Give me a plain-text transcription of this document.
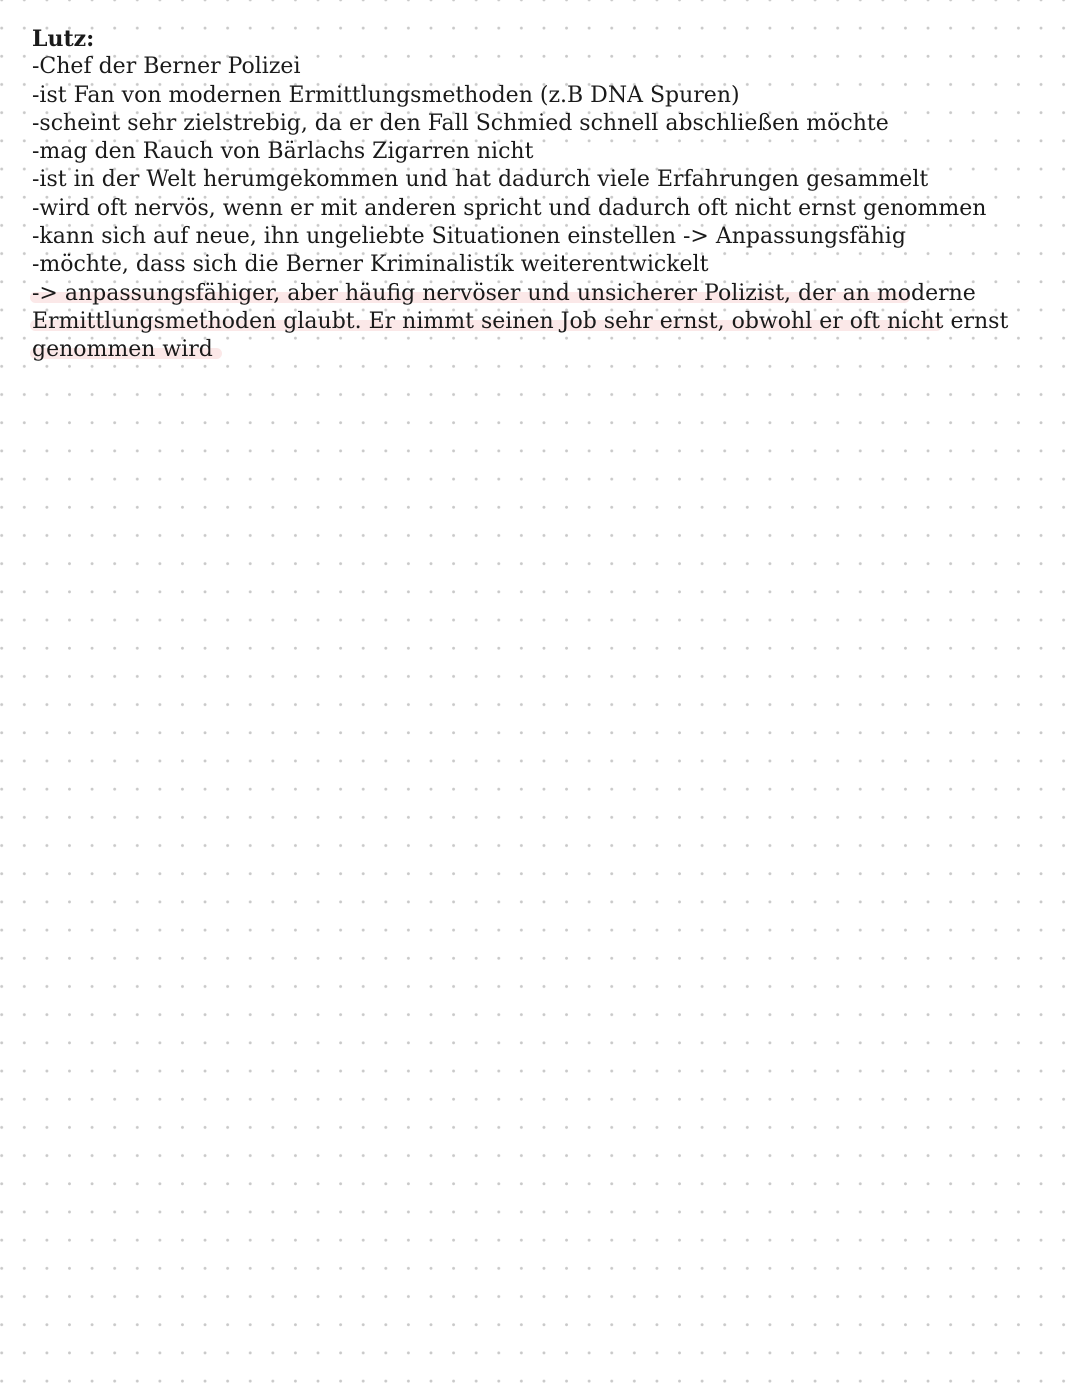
Lutz:
-Chef der Berner Polizei
-ist Fan von modernen Ermittlungsmethoden (z.B DNA Spuren)
-scheint sehr zielstrebig, da er den Fall Schmied schnell abschließen möchte
-mag den Rauch von Bärlachs Zigarren nicht
-ist in der Welt herumgekommen und hat dadurch viele Erfahrungen gesammelt
-wird oft nervös, wenn er mit anderen spricht und dadurch oft nicht ernst genommen
-kann sich auf neue, ihn ungeliebte Situationen einstellen -> Anpassungsfähig
-möchte, dass sich die Berner Kriminalistik weiterentwickelt
-> anpassungsfähiger, aber häufig nervöser und unsicherer Polizist, der an moderne
Ermittlungsmethoden glaubt. Er nimmt seinen Job sehr ernst, obwohl er oft nicht ernst
genommen wird
